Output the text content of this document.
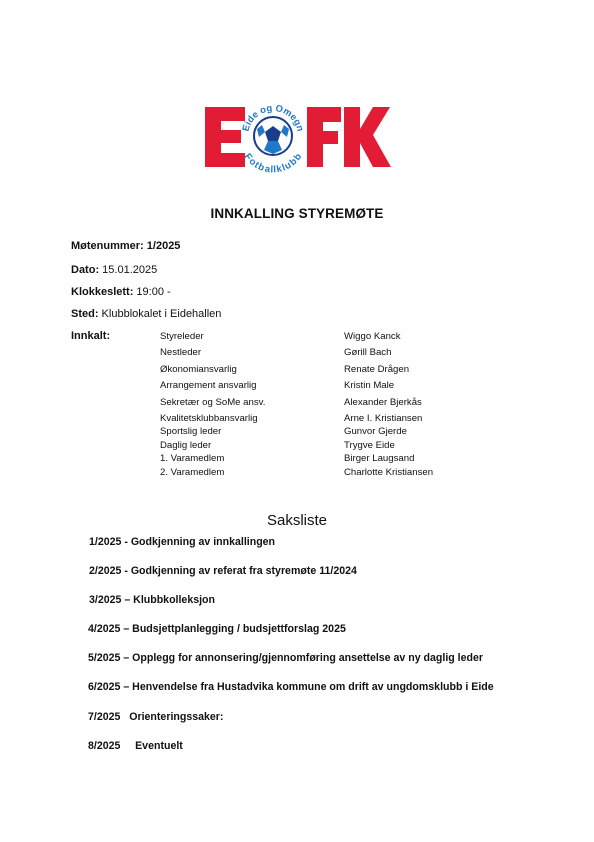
Eide og Omegn
Fotballklubb
INNKALLING STYREMØTE
Møtenummer: 1/2025
Dato: 15.01.2025
Klokkeslett: 19:00 -
Sted: Klubblokalet i Eidehallen
Innkalt:	Styreleder
Nestleder
Økonomiansvarlig
Arrangement ansvarlig
Sekretær og SoMe ansv.
Kvalitetsklubbansvarlig
Sportslig leder
Daglig leder
1. Varamedlem
2. Varamedlem
Wiggo Kanck
Gørill Bach
Renate Drågen
Kristin Male
Alexander Bjerkås
Arne I. Kristiansen
Gunvor Gjerde
Trygve Eide
Birger Laugsand
Charlotte Kristiansen
Saksliste
1/2025 - Godkjenning av innkallingen
2/2025 - Godkjenning av referat fra styremøte 11/2024
3/2025 – Klubbkolleksjon
4/2025 – Budsjettplanlegging / budsjettforslag 2025
5/2025 – Opplegg for annonsering/gjennomføring ansettelse av ny daglig leder
6/2025 – Henvendelse fra Hustadvika kommune om drift av ungdomsklubb i Eide
7/2025   Orienteringssaker:
8/2025     Eventuelt
